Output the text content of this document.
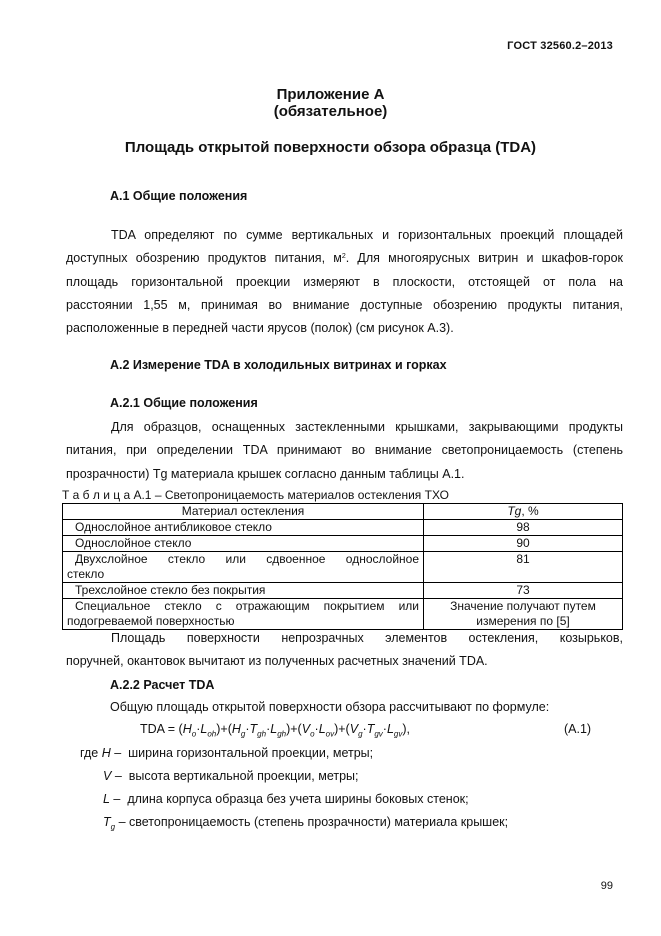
ГОСТ 32560.2–2013
Приложение А
(обязательное)
Площадь открытой поверхности обзора образца (TDA)
А.1 Общие положения
TDA определяют по сумме вертикальных и горизонтальных проекций площадей
доступных обозрению продуктов питания, $м^2$. Для многоярусных витрин и шкафов-горок
площадь горизонтальной проекции измеряют в плоскости, отстоящей от пола на
расстоянии 1,55 м, принимая во внимание доступные обозрению продукты питания,
расположенные в передней части ярусов (полок) (см рисунок А.3).
А.2 Измерение TDA в холодильных витринах и горках
А.2.1 Общие положения
Для образцов, оснащенных застекленными крышками, закрывающими продукты
питания, при определении TDA принимают во внимание светопроницаемость (степень
прозрачности) Tg материала крышек согласно данным таблицы А.1.
Т а б л и ц а А.1 – Светопроницаемость материалов остекления ТХО
Материал остекления	Tg, %
Однослойное антибликовое стекло	98
Однослойное стекло	90

Двухслойное стекло или сдвоенное однослойное
стекло	81
Трехслойное стекло без покрытия	73

Специальное стекло с отражающим покрытием или
подогреваемой поверхностью	Значение получают путем
измерения по [5]
Площадь поверхности непрозрачных элементов остекления, козырьков,
поручней, окантовок вычитают из полученных расчетных значений TDA.
А.2.2 Расчет TDA
Общую площадь открытой поверхности обзора рассчитывают по формуле:
TDA = $(H_o\cdot L_{oh})+(H_g\cdot T_{gh}\cdot L_{gh})+(V_o\cdot L_{ov})+(V_g\cdot T_{gv}\cdot L_{gv})$,	(А.1)
где H –  ширина горизонтальной проекции, метры;
V –  высота вертикальной проекции, метры;
L –  длина корпуса образца без учета ширины боковых стенок;
$T_g$ – светопроницаемость (степень прозрачности) материала крышек;
99
